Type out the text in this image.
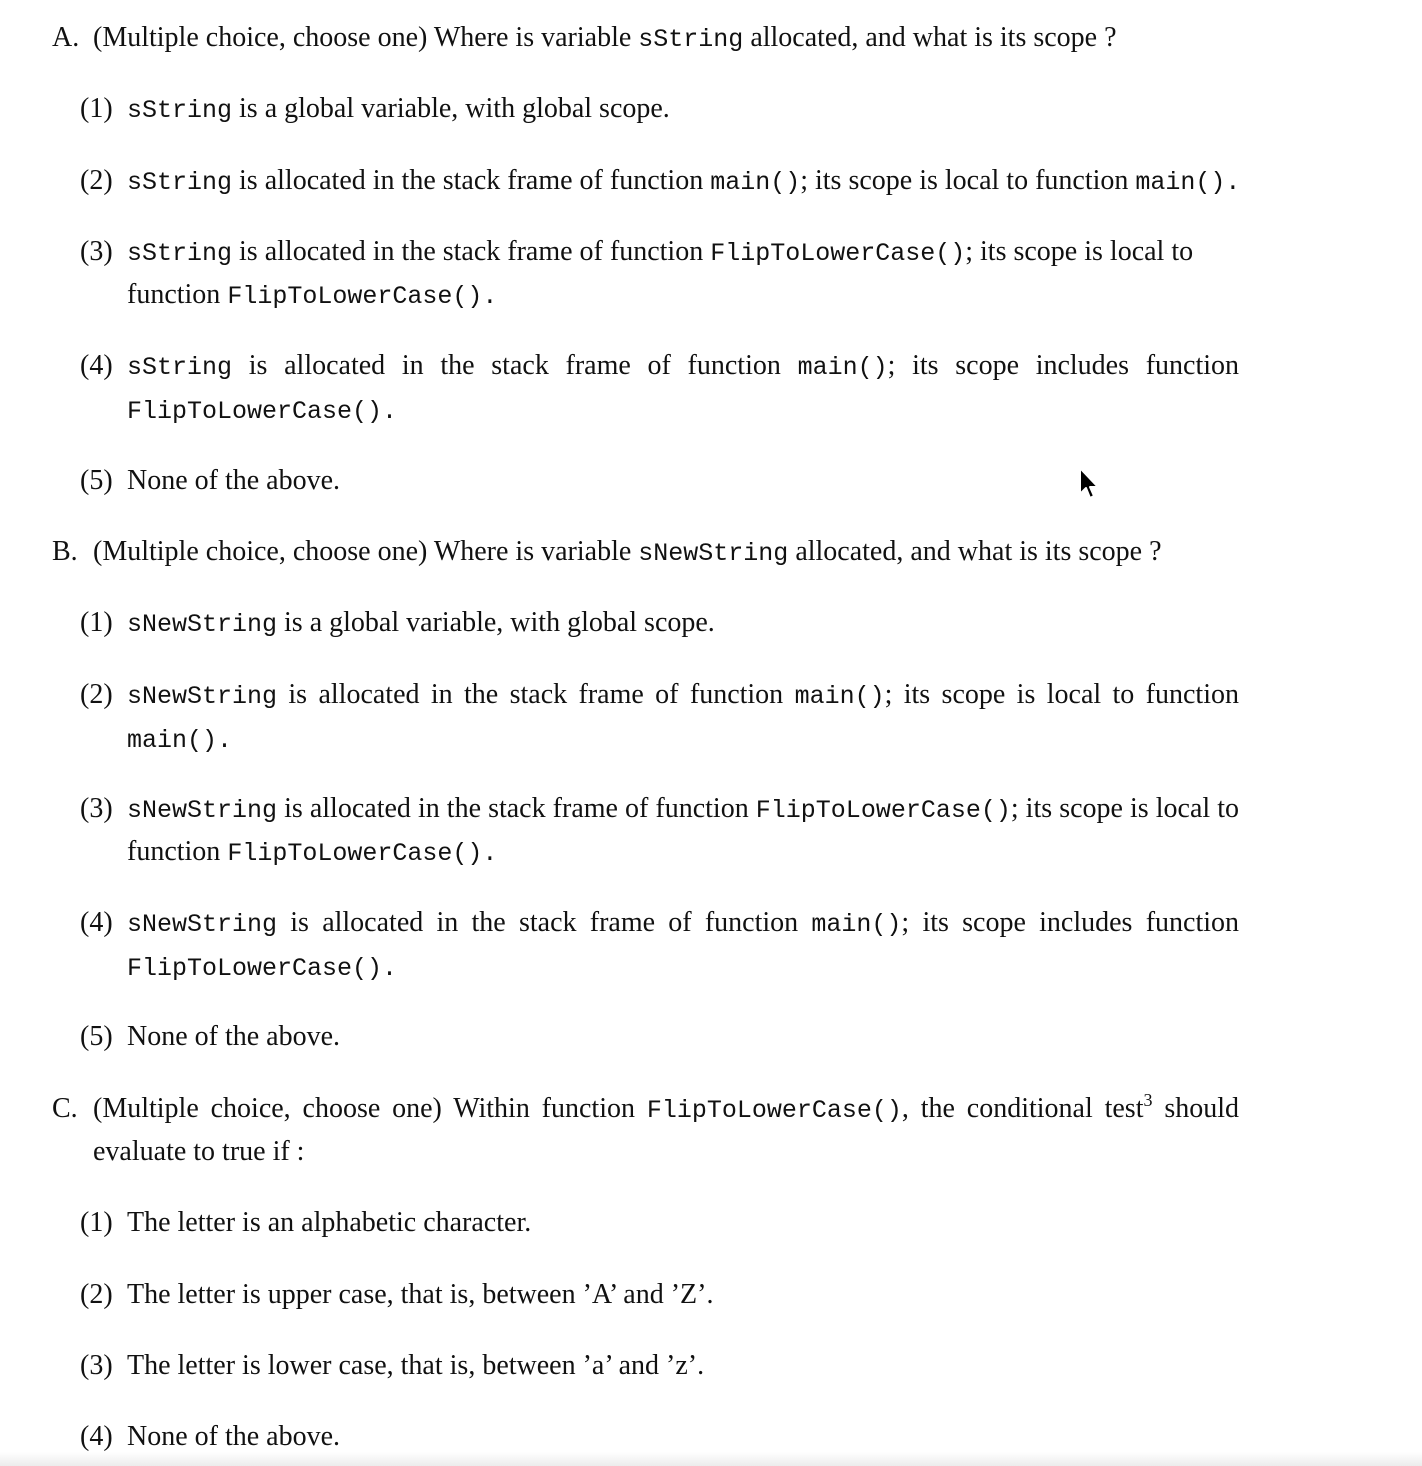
A. (Multiple choice, choose one) Where is variable sString allocated, and what is its scope ?
(1) sString is a global variable, with global scope.
(2) sString is allocated in the stack frame of function main(); its scope is local to function main().
(3) sString is allocated in the stack frame of function FlipToLowerCase(); its scope is local to
function FlipToLowerCase().
(4) sString is allocated in the stack frame of function main(); its scope includes function
FlipToLowerCase().
(5) None of the above.
B. (Multiple choice, choose one) Where is variable sNewString allocated, and what is its scope ?
(1) sNewString is a global variable, with global scope.
(2) sNewString is allocated in the stack frame of function main(); its scope is local to function
main().
(3) sNewString is allocated in the stack frame of function FlipToLowerCase(); its scope is local to
function FlipToLowerCase().
(4) sNewString is allocated in the stack frame of function main(); its scope includes function
FlipToLowerCase().
(5) None of the above.
C. (Multiple choice, choose one) Within function FlipToLowerCase(), the conditional test$^3$ should
evaluate to true if :
(1) The letter is an alphabetic character.
(2) The letter is upper case, that is, between ’A’ and ’Z’.
(3) The letter is lower case, that is, between ’a’ and ’z’.
(4) None of the above.
